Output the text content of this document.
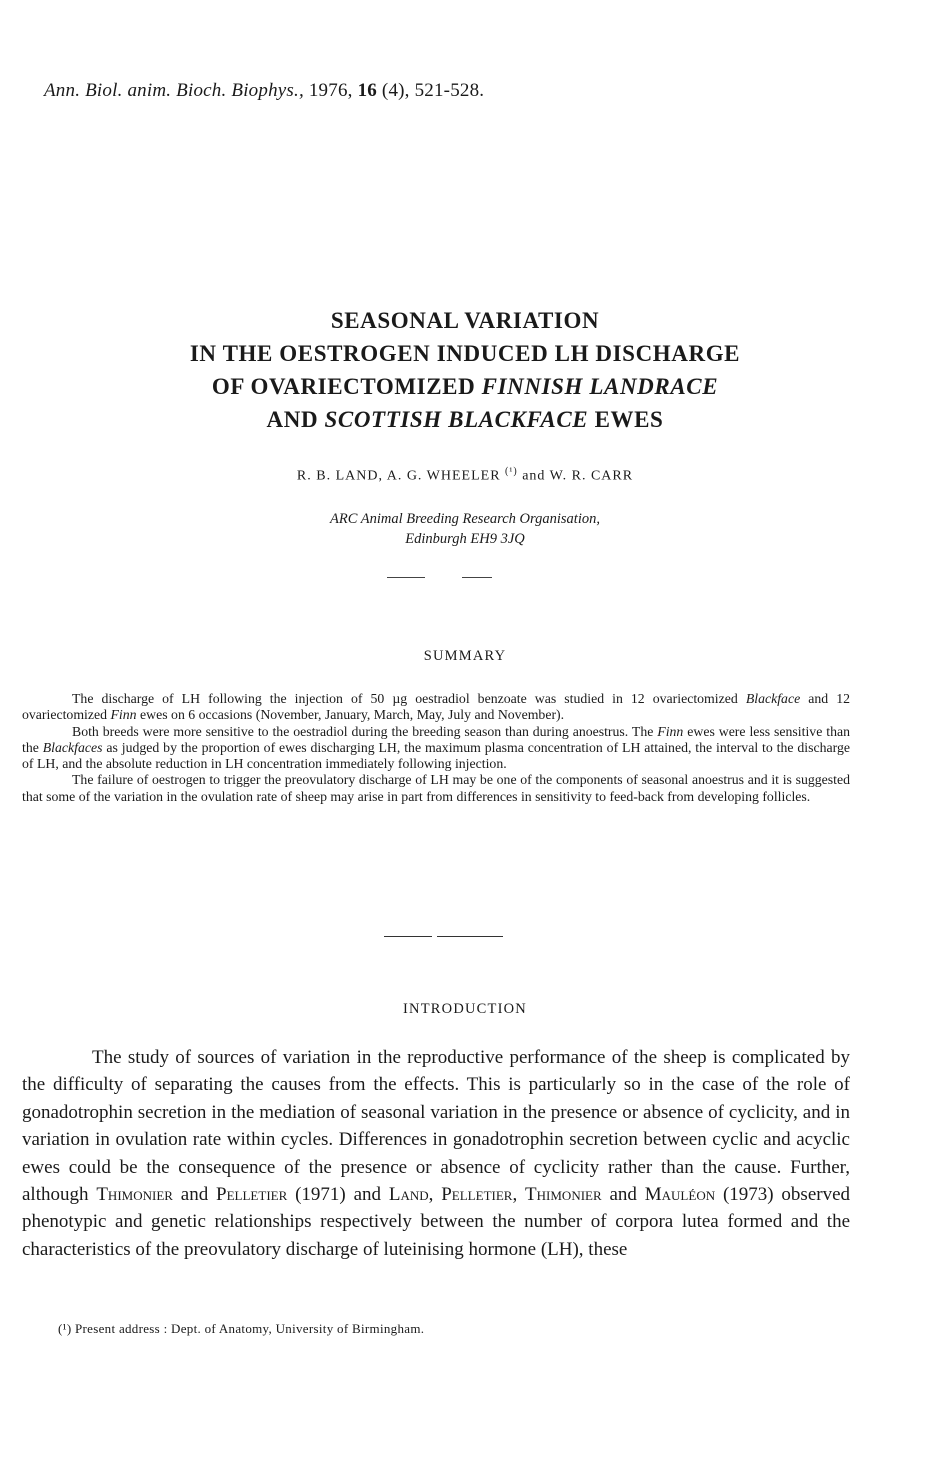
Ann. Biol. anim. Bioch. Biophys., 1976, 16 (4), 521-528.
SEASONAL VARIATION
IN THE OESTROGEN INDUCED LH DISCHARGE
OF OVARIECTOMIZED FINNISH LANDRACE
AND SCOTTISH BLACKFACE EWES
R. B. LAND, A. G. WHEELER $^{(^1)}$ and W. R. CARR
ARC Animal Breeding Research Organisation,
Edinburgh EH9 3JQ
SUMMARY

The discharge of LH following the injection of 50 µg oestradiol benzoate was studied in 12 ovariectomized Blackface and 12 ovariectomized Finn ewes on 6 occasions (November, January, March, May, July and November).

Both breeds were more sensitive to the oestradiol during the breeding season than during anoestrus. The Finn ewes were less sensitive than the Blackfaces as judged by the proportion of ewes discharging LH, the maximum plasma concentration of LH attained, the interval to the discharge of LH, and the absolute reduction in LH concentration immediately following injection.

The failure of oestrogen to trigger the preovulatory discharge of LH may be one of the components of seasonal anoestrus and it is suggested that some of the variation in the ovulation rate of sheep may arise in part from differences in sensitivity to feed-back from developing follicles.

INTRODUCTION

The study of sources of variation in the reproductive performance of the sheep is complicated by the difficulty of separating the causes from the effects. This is particularly so in the case of the role of gonadotrophin secretion in the mediation of seasonal variation in the presence or absence of cyclicity, and in variation in ovulation rate within cycles. Differences in gonadotrophin secretion between cyclic and acyclic ewes could be the consequence of the presence or absence of cyclicity rather than the cause. Further, although Thimonier and Pelletier (1971) and Land, Pelletier, Thimonier and Mauléon (1973) observed phenotypic and genetic relationships respectively between the number of corpora lutea formed and the characteristics of the preovulatory discharge of luteinising hormone (LH), these

(¹) Present address : Dept. of Anatomy, University of Birmingham.
